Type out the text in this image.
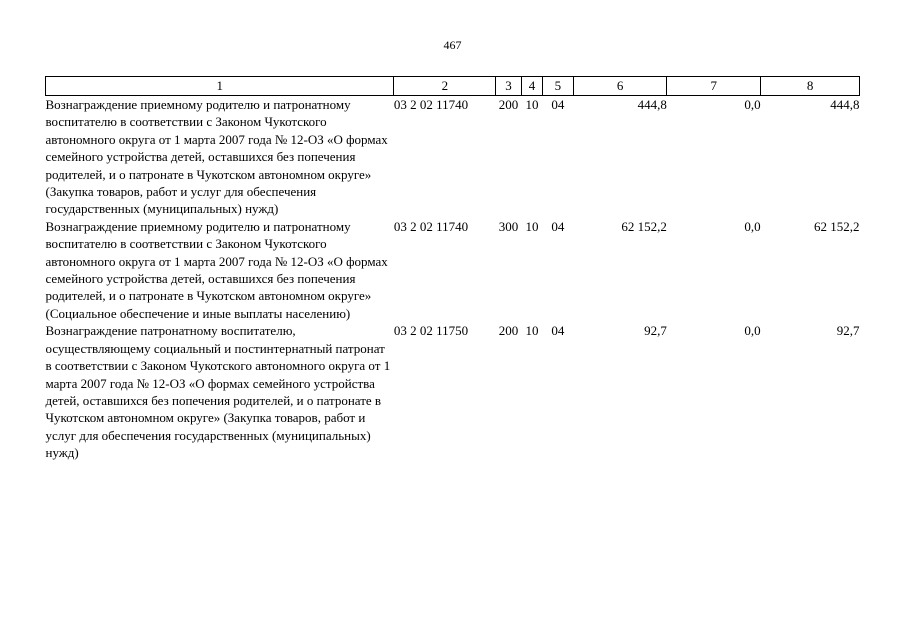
467
1	2	3	4	5	6	7	8
Вознаграждение приемному родителю и патронатному воспитателю в соответствии с Законом Чукотского автономного округа от 1 марта 2007 года № 12-ОЗ «О формах семейного устройства детей, оставшихся без попечения родителей, и о патронате в Чукотском автономном округе» (Закупка товаров, работ и услуг для обеспечения государственных (муниципальных) нужд)	03 2 02 11740	200	10	04	444,8	0,0	444,8
Вознаграждение приемному родителю и патронатному воспитателю в соответствии с Законом Чукотского автономного округа от 1 марта 2007 года № 12-ОЗ «О формах семейного устройства детей, оставшихся без попечения родителей, и о патронате в Чукотском автономном округе» (Социальное обеспечение и иные выплаты населению)	03 2 02 11740	300	10	04	62 152,2	0,0	62 152,2
Вознаграждение патронатному воспитателю, осуществляющему социальный и постинтернатный патронат в соответствии с Законом Чукотского автономного округа от 1 марта 2007 года № 12-ОЗ «О формах семейного устройства детей, оставшихся без попечения родителей, и о патронате в Чукотском автономном округе» (Закупка товаров, работ и услуг для обеспечения государственных (муниципальных) нужд)	03 2 02 11750	200	10	04	92,7	0,0	92,7
